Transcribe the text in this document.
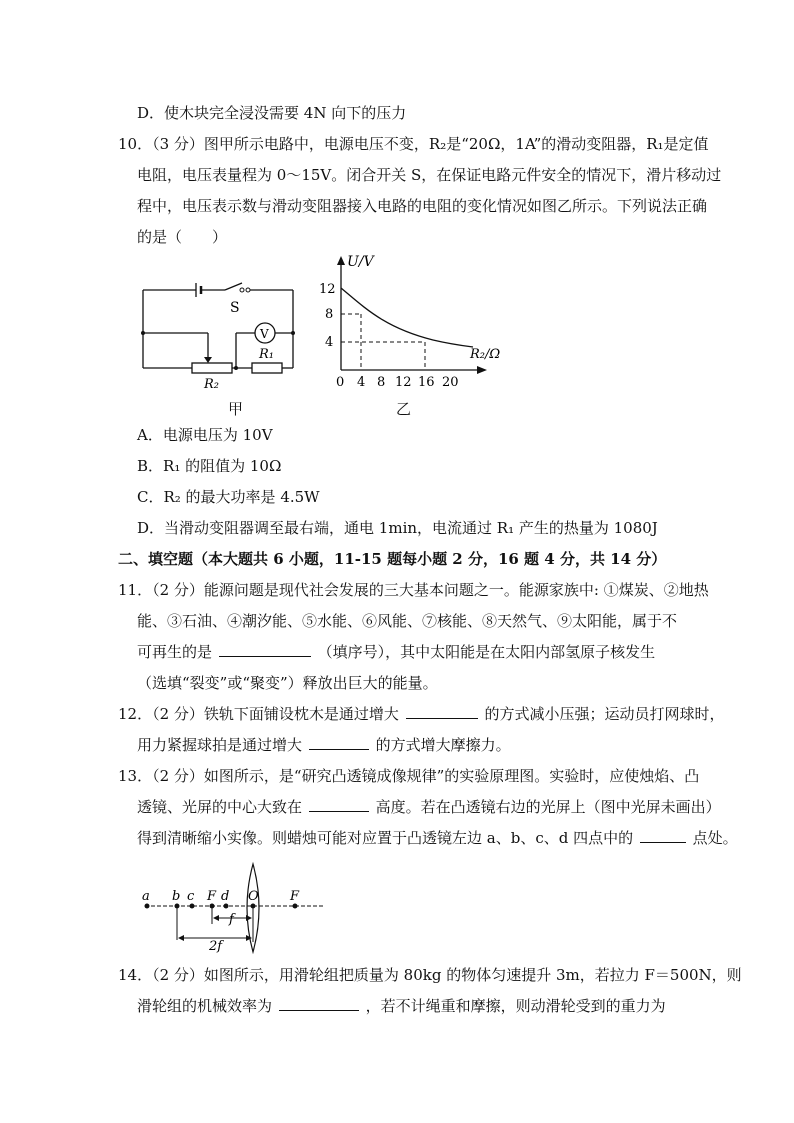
D．使木块完全浸没需要 4N 向下的压力
10．（3 分）图甲所示电路中，电源电压不变，R₂是“20Ω，1A”的滑动变阻器，R₁是定值
电阻，电压表量程为 0～15V。闭合开关 S，在保证电路元件安全的情况下，滑片移动过
程中，电压表示数与滑动变阻器接入电路的电阻的变化情况如图乙所示。下列说法正确
的是（　　）
S
V
R₁
R₂
甲
U/V
R₂/Ω
12
8
4
0 4 8 12 16 20
乙
A．电源电压为 10V
B．R₁ 的阻值为 10Ω
C．R₂ 的最大功率是 4.5W
D．当滑动变阻器调至最右端，通电 1min，电流通过 R₁ 产生的热量为 1080J
二、填空题（本大题共 6 小题，11-15 题每小题 2 分，16 题 4 分，共 14 分）
11．（2 分）能源问题是现代社会发展的三大基本问题之一。能源家族中: ①煤炭、②地热
能、③石油、④潮汐能、⑤水能、⑥风能、⑦核能、⑧天然气、⑨太阳能，属于不
可再生的是	（填序号），其中太阳能是在太阳内部氢原子核发生
（选填“裂变”或“聚变”）释放出巨大的能量。
12．（2 分）铁轨下面铺设枕木是通过增大	的方式减小压强；运动员打网球时，
用力紧握球拍是通过增大	的方式增大摩擦力。
13．（2 分）如图所示，是“研究凸透镜成像规律”的实验原理图。实验时，应使烛焰、凸
透镜、光屏的中心大致在	高度。若在凸透镜右边的光屏上（图中光屏未画出）
得到清晰缩小实像。则蜡烛可能对应置于凸透镜左边 a、b、c、d 四点中的	点处。
a b c F d O F
f
2f
14．（2 分）如图所示，用滑轮组把质量为 80kg 的物体匀速提升 3m，若拉力 F＝500N，则
滑轮组的机械效率为	，若不计绳重和摩擦，则动滑轮受到的重力为
